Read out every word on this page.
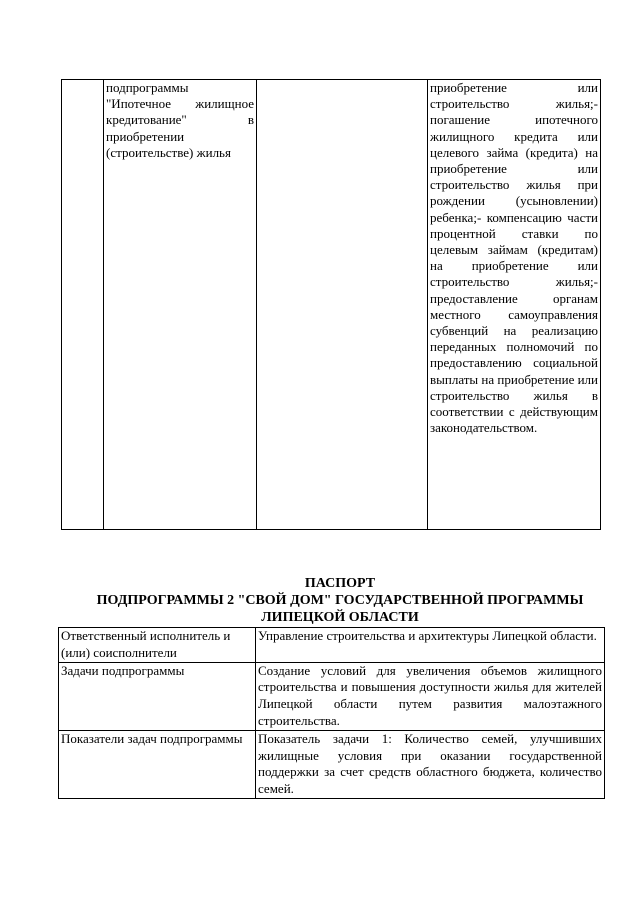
	подпрограммы "Ипотечное жилищное кредитование" в приобретении (строительстве) жилья		приобретение или строительство жилья;- погашение ипотечного жилищного кредита или целевого займа (кредита) на приобретение или строительство жилья при рождении (усыновлении) ребенка;- компенсацию части процентной ставки по целевым займам (кредитам) на приобретение или строительство жилья;- предоставление органам местного самоуправления субвенций на реализацию переданных полномочий по предоставлению социальной выплаты на приобретение или строительство жилья в соответствии с действующим законодательством.
ПАСПОРТ
ПОДПРОГРАММЫ 2 "СВОЙ ДОМ" ГОСУДАРСТВЕННОЙ ПРОГРАММЫ
ЛИПЕЦКОЙ ОБЛАСТИ
Ответственный исполнитель и (или) соисполнители	Управление строительства и архитектуры Липецкой области.
Задачи подпрограммы	Создание условий для увеличения объемов жилищного строительства и повышения доступности жилья для жителей Липецкой области путем развития малоэтажного строительства.
Показатели задач подпрограммы	Показатель задачи 1: Количество семей, улучшивших жилищные условия при оказании государственной поддержки за счет средств областного бюджета, количество семей.
